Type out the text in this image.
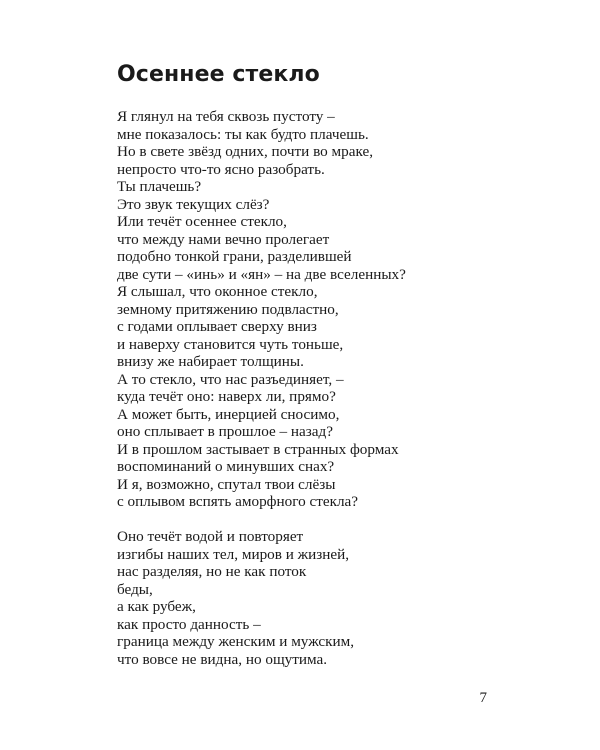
Осеннее стекло

Я глянул на тебя сквозь пустоту –
мне показалось: ты как будто плачешь.
Но в свете звёзд одних, почти во мраке,
непросто что-то ясно разобрать.
Ты плачешь?
Это звук текущих слёз?
Или течёт осеннее стекло,
что между нами вечно пролегает
подобно тонкой грани, разделившей
две сути – «инь» и «ян» – на две вселенных?
Я слышал, что оконное стекло,
земному притяжению подвластно,
с годами оплывает сверху вниз
и наверху становится чуть тоньше,
внизу же набирает толщины.
А то стекло, что нас разъединяет, –
куда течёт оно: наверх ли, прямо?
А может быть, инерцией сносимо,
оно сплывает в прошлое – назад?
И в прошлом застывает в странных формах
воспоминаний о минувших снах?
И я, возможно, спутал твои слёзы
с оплывом вспять аморфного стекла?

Оно течёт водой и повторяет
изгибы наших тел, миров и жизней,
нас разделяя, но не как поток
беды,
а как рубеж,
как просто данность –
граница между женским и мужским,
что вовсе не видна, но ощутима.

7
